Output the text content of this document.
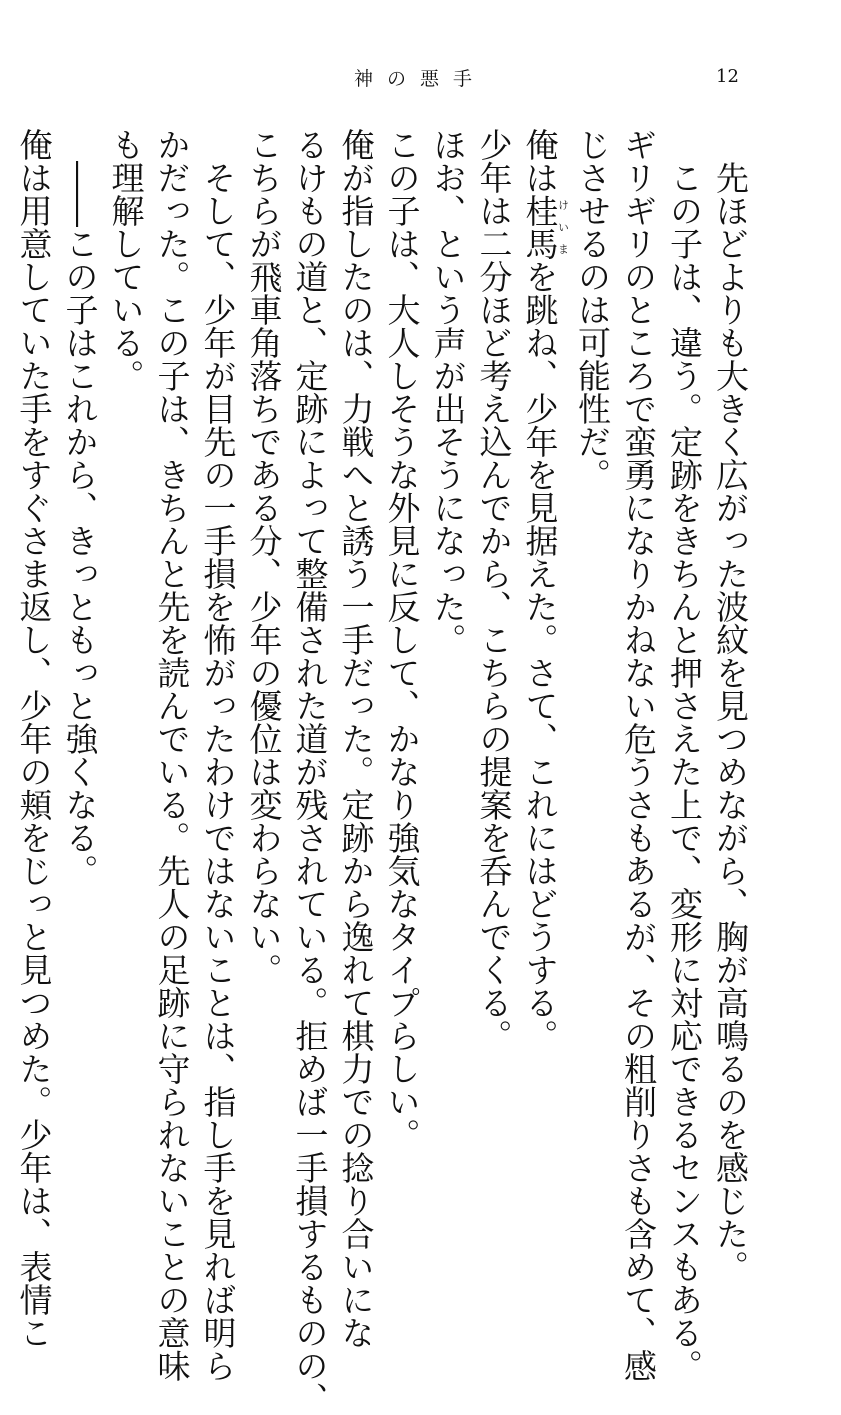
神の悪手	12
先ほどよりも大きく広がった波紋を見つめながら、胸が高鳴るのを感じた。
この子は、違う。定跡をきちんと押さえた上で、変形に対応できるセンスもある。
ギリギリのところで蛮勇になりかねない危うさもあるが、その粗削りさも含めて、感
じさせるのは可能性だ。
俺は桂馬けいまを跳ね、少年を見据えた。さて、これにはどうする。
少年は二分ほど考え込んでから、こちらの提案を呑んでくる。
ほお、という声が出そうになった。
この子は、大人しそうな外見に反して、かなり強気なタイプらしい。
俺が指したのは、力戦へと誘う一手だった。定跡から逸れて棋力での捻り合いにな
るけもの道と、定跡によって整備された道が残されている。拒めば一手損するものの、
こちらが飛車角落ちである分、少年の優位は変わらない。
そして、少年が目先の一手損を怖がったわけではないことは、指し手を見れば明ら
かだった。この子は、きちんと先を読んでいる。先人の足跡に守られないことの意味
も理解している。
――この子はこれから、きっともっと強くなる。
俺は用意していた手をすぐさま返し、少年の頬をじっと見つめた。少年は、表情こ
